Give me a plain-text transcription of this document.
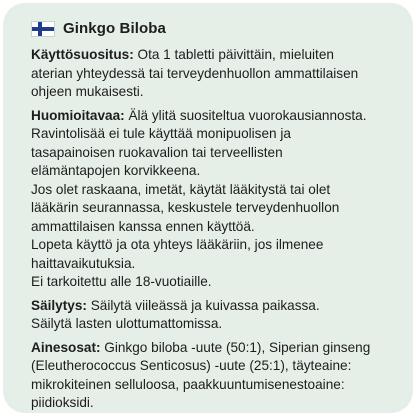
Ginkgo Biloba
Käyttösuositus: Ota 1 tabletti päivittäin, mieluiten
aterian yhteydessä tai terveydenhuollon ammattilaisen
ohjeen mukaisesti.
Huomioitavaa: Älä ylitä suositeltua vuorokausiannosta.
Ravintolisää ei tule käyttää monipuolisen ja
tasapainoisen ruokavalion tai terveellisten
elämäntapojen korvikkeena.
Jos olet raskaana, imetät, käytät lääkitystä tai olet
lääkärin seurannassa, keskustele terveydenhuollon
ammattilaisen kanssa ennen käyttöä.
Lopeta käyttö ja ota yhteys lääkäriin, jos ilmenee
haittavaikutuksia.
Ei tarkoitettu alle 18-vuotiaille.
Säilytys: Säilytä viileässä ja kuivassa paikassa.
Säilytä lasten ulottumattomissa.
Ainesosat: Ginkgo biloba -uute (50:1), Siperian ginseng
(Eleutherococcus Senticosus) -uute (25:1), täyteaine:
mikrokiteinen selluloosa, paakkuuntumisenestoaine:
piidioksidi.
